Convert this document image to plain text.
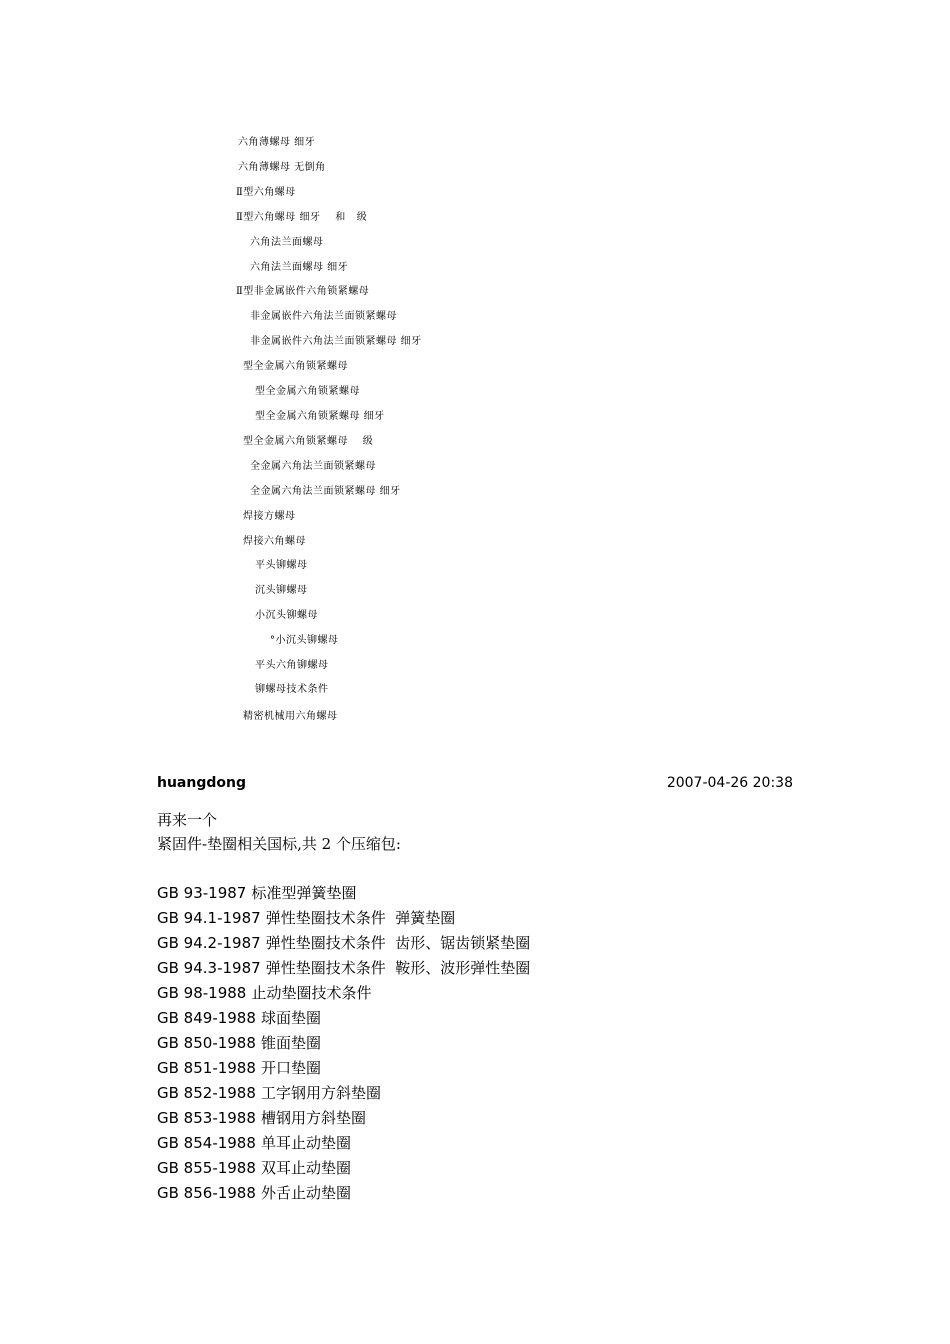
六角薄螺母 细牙
六角薄螺母 无倒角
Ⅱ型六角螺母
Ⅱ型六角螺母 细牙    和   级
六角法兰面螺母
六角法兰面螺母 细牙
Ⅱ型非金属嵌件六角锁紧螺母
非金属嵌件六角法兰面锁紧螺母
非金属嵌件六角法兰面锁紧螺母 细牙
型全金属六角锁紧螺母
型全金属六角锁紧螺母
型全金属六角锁紧螺母 细牙
型全金属六角锁紧螺母    级
全金属六角法兰面锁紧螺母
全金属六角法兰面锁紧螺母 细牙
焊接方螺母
焊接六角螺母
平头铆螺母
沉头铆螺母
小沉头铆螺母
°小沉头铆螺母
平头六角铆螺母
铆螺母技术条件
精密机械用六角螺母
huangdong	2007-04-26 20:38
再来一个
紧固件-垫圈相关国标,共 2 个压缩包:
GB 93-1987 标准型弹簧垫圈
GB 94.1-1987 弹性垫圈技术条件  弹簧垫圈
GB 94.2-1987 弹性垫圈技术条件  齿形、锯齿锁紧垫圈
GB 94.3-1987 弹性垫圈技术条件  鞍形、波形弹性垫圈
GB 98-1988 止动垫圈技术条件
GB 849-1988 球面垫圈
GB 850-1988 锥面垫圈
GB 851-1988 开口垫圈
GB 852-1988 工字钢用方斜垫圈
GB 853-1988 槽钢用方斜垫圈
GB 854-1988 单耳止动垫圈
GB 855-1988 双耳止动垫圈
GB 856-1988 外舌止动垫圈
